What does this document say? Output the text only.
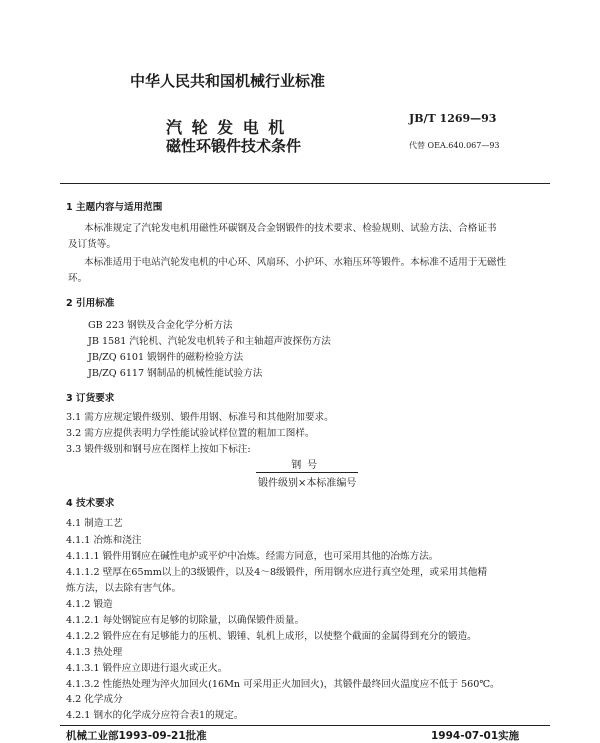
中华人民共和国机械行业标准
汽 轮 发 电 机
磁性环锻件技术条件
JB/T 1269—93
代替 OEA.640.067—93
1 主题内容与适用范围
本标准规定了汽轮发电机用磁性环碳钢及合金钢锻件的技术要求、检验规则、试验方法、合格证书
及订货等。
本标准适用于电站汽轮发电机的中心环、风扇环、小护环、水箱压环等锻件。本标准不适用于无磁性
环。
2 引用标准
GB 223 钢铁及合金化学分析方法
JB 1581 汽轮机、汽轮发电机转子和主轴超声波探伤方法
JB/ZQ 6101 锻钢件的磁粉检验方法
JB/ZQ 6117 钢制品的机械性能试验方法
3 订货要求
3.1 需方应规定锻件级别、锻件用钢、标准号和其他附加要求。
3.2 需方应提供表明力学性能试验试样位置的粗加工图样。
3.3 锻件级别和钢号应在图样上按如下标注:
钢号
锻件级别×本标准编号
4 技术要求
4.1 制造工艺
4.1.1 冶炼和浇注
4.1.1.1 锻件用钢应在碱性电炉或平炉中冶炼。经需方同意，也可采用其他的冶炼方法。
4.1.1.2 壁厚在65mm以上的3级锻件，以及4～8级锻件，所用钢水应进行真空处理，或采用其他精
炼方法，以去除有害气体。
4.1.2 锻造
4.1.2.1 每处钢锭应有足够的切除量，以确保锻件质量。
4.1.2.2 锻件应在有足够能力的压机、锻锤、轧机上成形，以使整个截面的金属得到充分的锻造。
4.1.3 热处理
4.1.3.1 锻件应立即进行退火或正火。
4.1.3.2 性能热处理为淬火加回火(16Mn 可采用正火加回火)，其锻件最终回火温度应不低于 560℃。
4.2 化学成分
4.2.1 钢水的化学成分应符合表1的规定。
机械工业部1993-09-21批准	1994-07-01实施
